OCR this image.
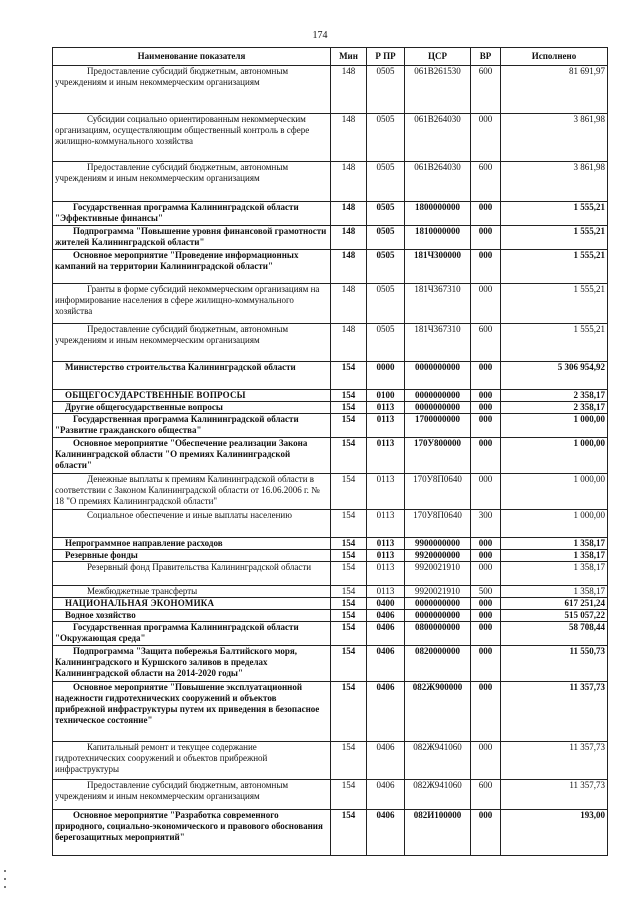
174
Наименование показателя	Мин	Р ПР	ЦСР	ВР	Исполнено
Предоставление субсидий бюджетным, автономным учреждениям и иным некоммерческим организациям	148	0505	061В261530	600	81 691,97
Субсидии социально ориентированным некоммерческим организациям, осуществляющим общественный контроль в сфере жилищно-коммунального хозяйства	148	0505	061В264030	000	3 861,98
Предоставление субсидий бюджетным, автономным учреждениям и иным некоммерческим организациям	148	0505	061В264030	600	3 861,98
Государственная программа Калининградской области "Эффективные финансы"	148	0505	1800000000	000	1 555,21
Подпрограмма "Повышение уровня финансовой грамотности жителей Калининградской области"	148	0505	1810000000	000	1 555,21
Основное мероприятие "Проведение информационных кампаний на территории Калининградской области"	148	0505	181Ч300000	000	1 555,21
Гранты в форме субсидий некоммерческим организациям на информирование населения в сфере жилищно-коммунального хозяйства	148	0505	181Ч367310	000	1 555,21
Предоставление субсидий бюджетным, автономным учреждениям и иным некоммерческим организациям	148	0505	181Ч367310	600	1 555,21
Министерство строительства Калининградской области	154	0000	0000000000	000	5 306 954,92
ОБЩЕГОСУДАРСТВЕННЫЕ ВОПРОСЫ	154	0100	0000000000	000	2 358,17
Другие общегосударственные вопросы	154	0113	0000000000	000	2 358,17
Государственная программа Калининградской области "Развитие гражданского общества"	154	0113	1700000000	000	1 000,00
Основное мероприятие "Обеспечение реализации Закона Калининградской области "О премиях Калининградской области"	154	0113	170У800000	000	1 000,00
Денежные выплаты к премиям Калининградской области в соответствии с Законом Калининградской области от 16.06.2006 г. № 18 "О премиях Калининградской области"	154	0113	170У8П0640	000	1 000,00
Социальное обеспечение и иные выплаты населению	154	0113	170У8П0640	300	1 000,00
Непрограммное направление расходов	154	0113	9900000000	000	1 358,17
Резервные фонды	154	0113	9920000000	000	1 358,17
Резервный фонд Правительства Калининградской области	154	0113	9920021910	000	1 358,17
Межбюджетные трансферты	154	0113	9920021910	500	1 358,17
НАЦИОНАЛЬНАЯ ЭКОНОМИКА	154	0400	0000000000	000	617 251,24
Водное хозяйство	154	0406	0000000000	000	515 057,22
Государственная программа Калининградской области "Окружающая среда"	154	0406	0800000000	000	58 708,44
Подпрограмма "Защита побережья Балтийского моря, Калининградского и Куршского заливов в пределах Калининградской области на 2014-2020 годы"	154	0406	0820000000	000	11 550,73
Основное мероприятие "Повышение эксплуатационной надежности гидротехнических сооружений и объектов прибрежной инфраструктуры путем их приведения в безопасное техническое состояние"	154	0406	082Ж900000	000	11 357,73
Капитальный ремонт и текущее содержание гидротехнических сооружений и объектов прибрежной инфраструктуры	154	0406	082Ж941060	000	11 357,73
Предоставление субсидий бюджетным, автономным учреждениям и иным некоммерческим организациям	154	0406	082Ж941060	600	11 357,73
Основное мероприятие "Разработка современного природного, социально-экономического и правового обоснования берегозащитных мероприятий"	154	0406	082И100000	000	193,00
